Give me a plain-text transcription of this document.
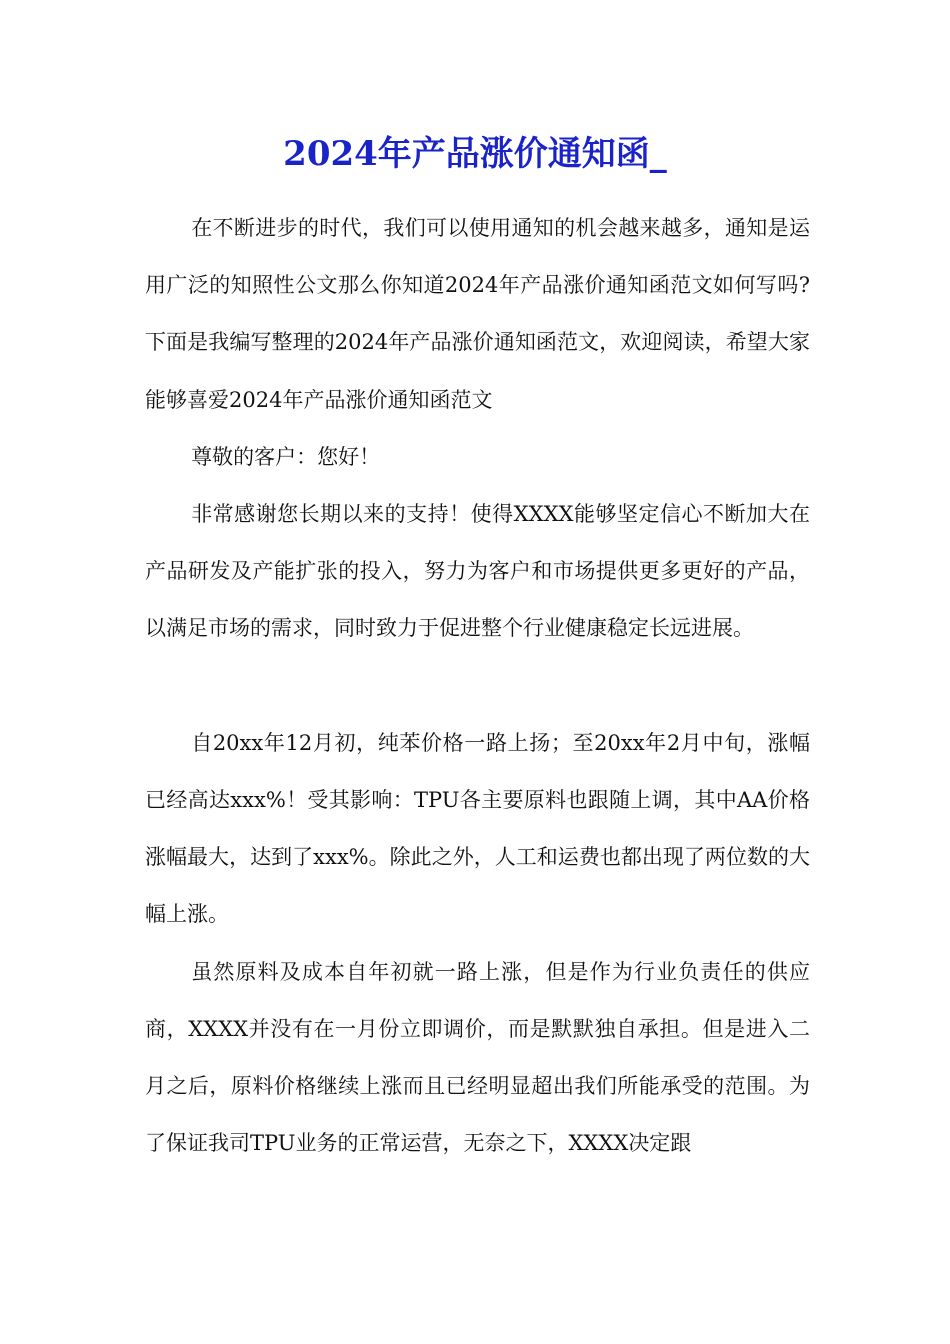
2024年产品涨价通知函_

在不断进步的时代，我们可以使用通知的机会越来越多，通知是运用广泛的知照性公文那么你知道2024年产品涨价通知函范文如何写吗?下面是我编写整理的2024年产品涨价通知函范文，欢迎阅读，希望大家能够喜爱2024年产品涨价通知函范文

尊敬的客户：您好！

非常感谢您长期以来的支持！使得XXXX能够坚定信心不断加大在产品研发及产能扩张的投入，努力为客户和市场提供更多更好的产品，以满足市场的需求，同时致力于促进整个行业健康稳定长远进展。

自20xx年12月初，纯苯价格一路上扬；至20xx年2月中旬，涨幅已经高达xxx%！受其影响：TPU各主要原料也跟随上调，其中AA价格涨幅最大，达到了xxx%。除此之外，人工和运费也都出现了两位数的大幅上涨。

虽然原料及成本自年初就一路上涨，但是作为行业负责任的供应商，XXXX并没有在一月份立即调价，而是默默独自承担。但是进入二月之后，原料价格继续上涨而且已经明显超出我们所能承受的范围。为了保证我司TPU业务的正常运营，无奈之下，XXXX决定跟
